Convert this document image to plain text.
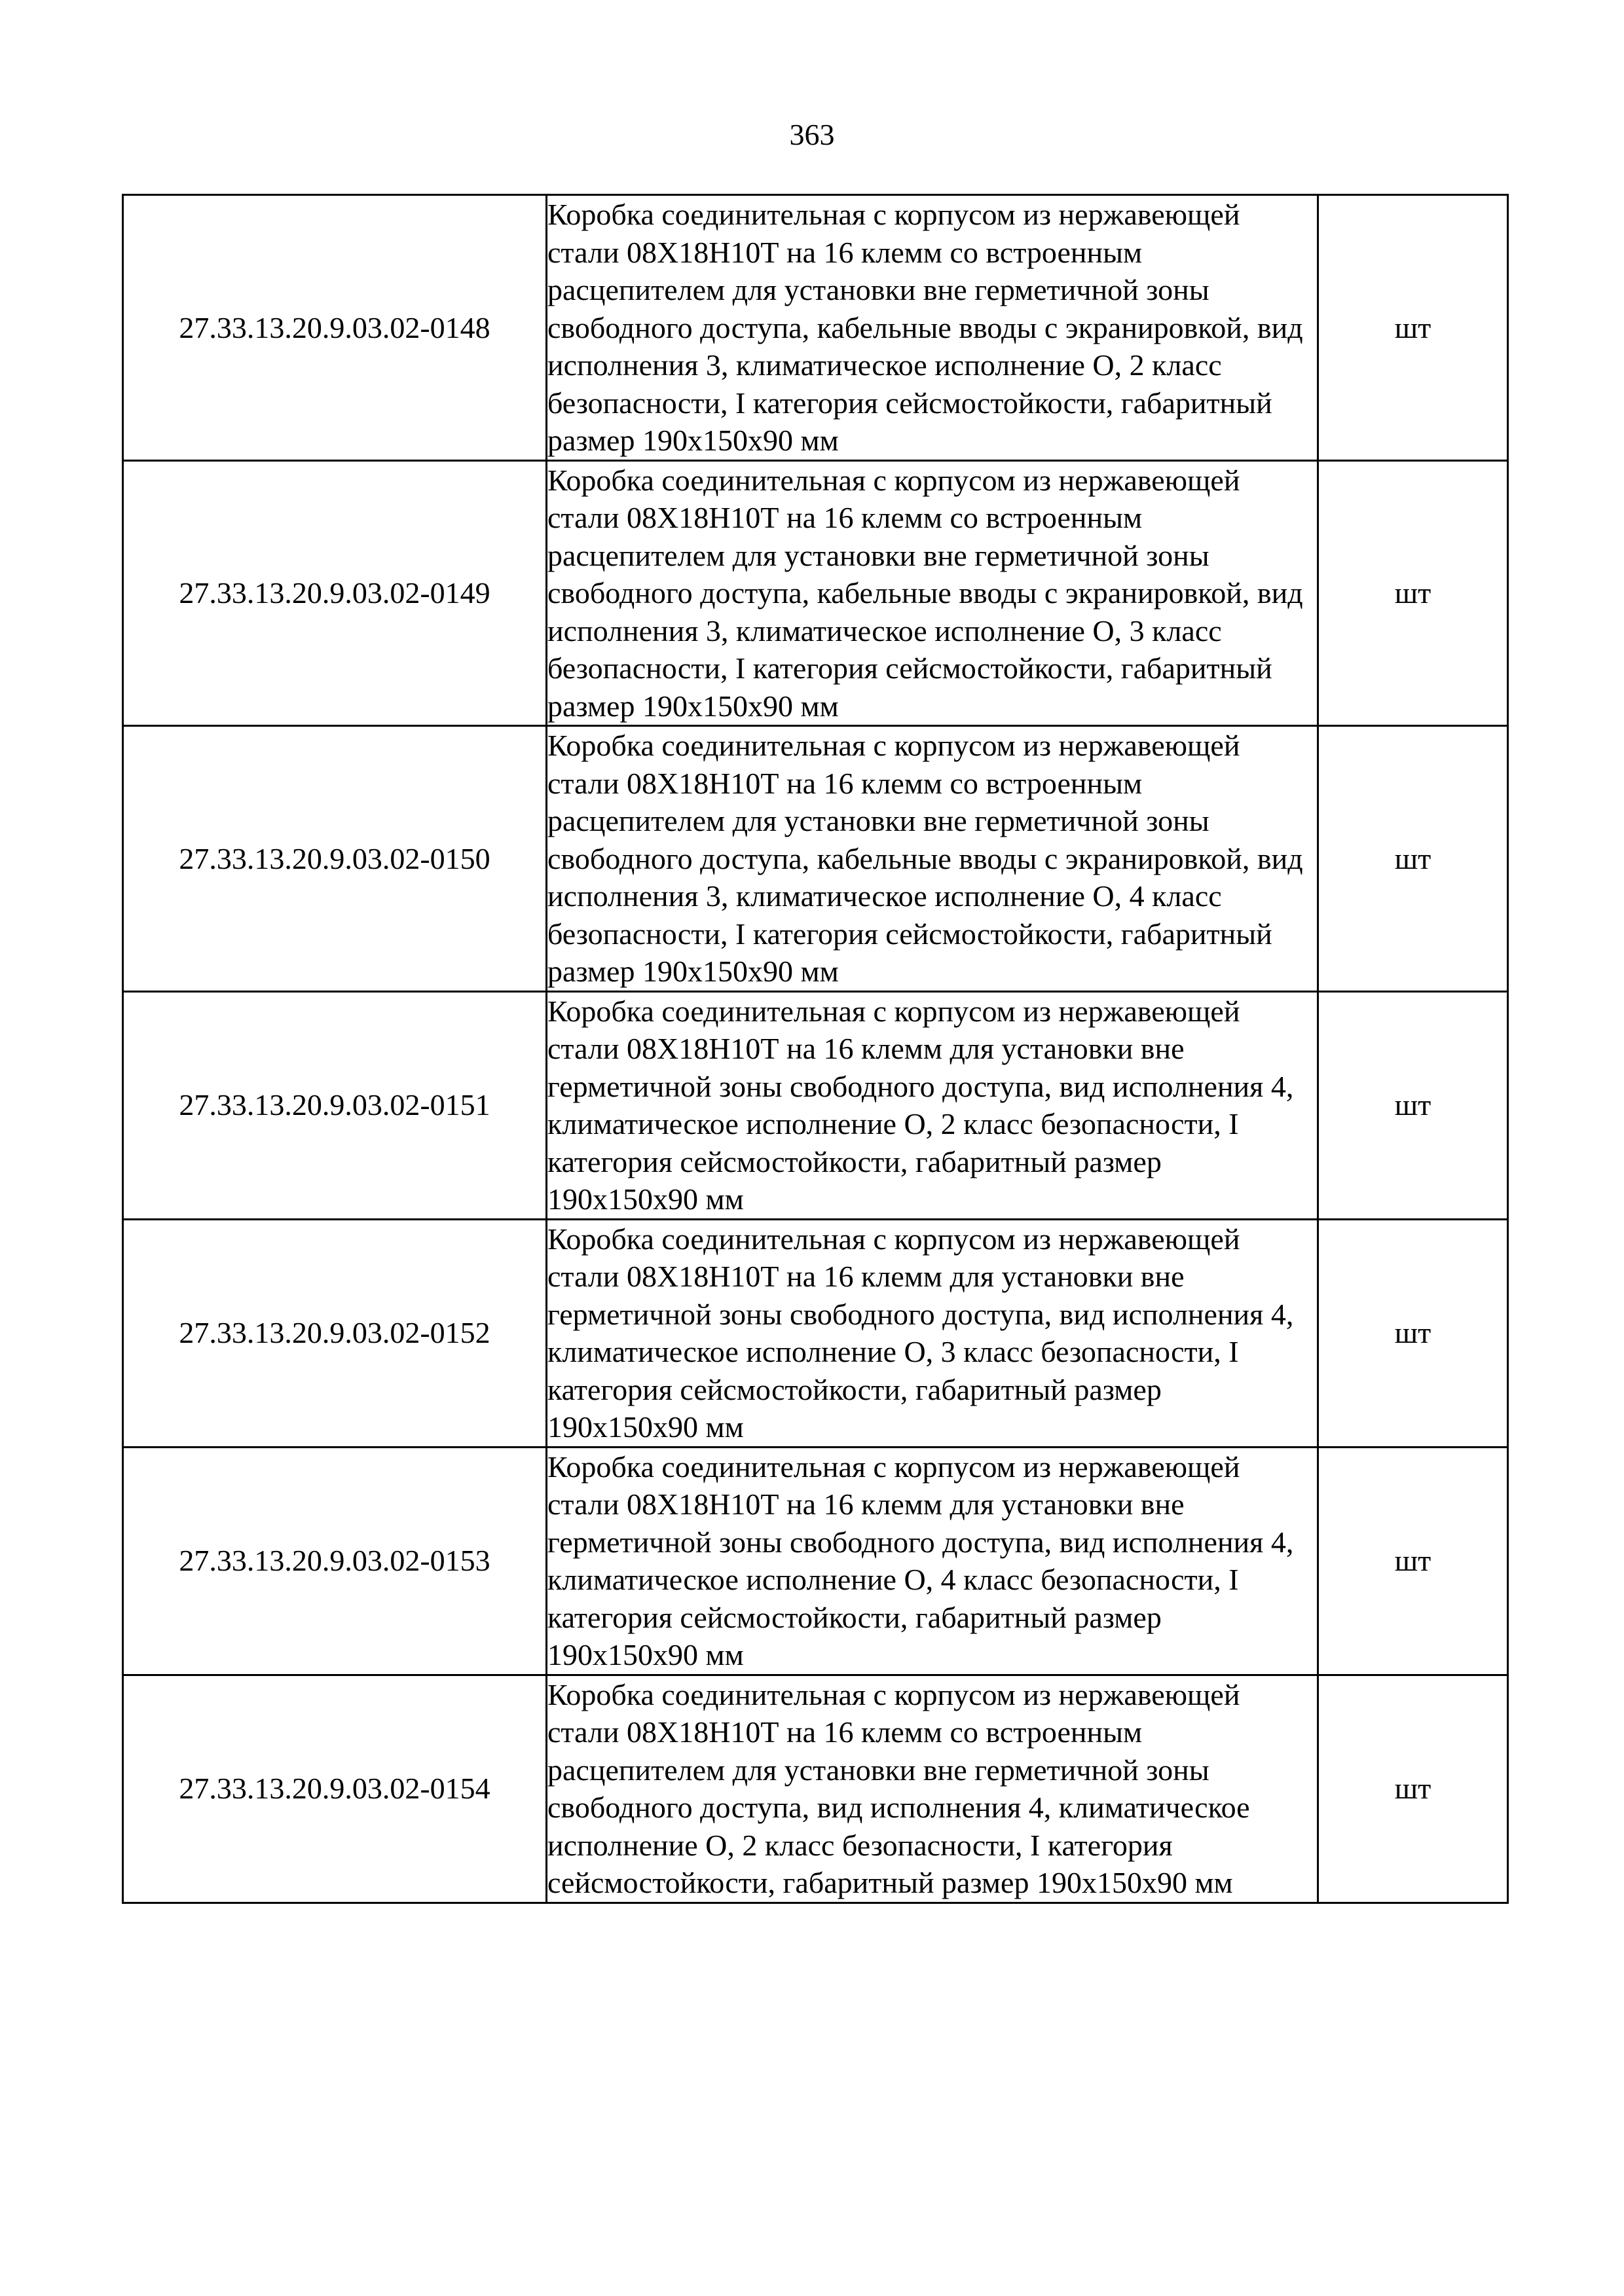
363
27.33.13.20.9.03.02-0148	Коробка соединительная с корпусом из нержавеющей стали 08Х18Н10Т на 16 клемм со встроенным расцепителем для установки вне герметичной зоны свободного доступа, кабельные вводы с экранировкой, вид исполнения 3, климатическое исполнение О, 2 класс безопасности, I категория сейсмостойкости, габаритный размер 190х150х90 мм	шт
27.33.13.20.9.03.02-0149	Коробка соединительная с корпусом из нержавеющей стали 08Х18Н10Т на 16 клемм со встроенным расцепителем для установки вне герметичной зоны свободного доступа, кабельные вводы с экранировкой, вид исполнения 3, климатическое исполнение О, 3 класс безопасности, I категория сейсмостойкости, габаритный размер 190х150х90 мм	шт
27.33.13.20.9.03.02-0150	Коробка соединительная с корпусом из нержавеющей стали 08Х18Н10Т на 16 клемм со встроенным расцепителем для установки вне герметичной зоны свободного доступа, кабельные вводы с экранировкой, вид исполнения 3, климатическое исполнение О, 4 класс безопасности, I категория сейсмостойкости, габаритный размер 190х150х90 мм	шт
27.33.13.20.9.03.02-0151	Коробка соединительная с корпусом из нержавеющей стали 08Х18Н10Т на 16 клемм для установки вне герметичной зоны свободного доступа, вид исполнения 4, климатическое исполнение О, 2 класс безопасности, I категория сейсмостойкости, габаритный размер 190х150х90 мм	шт
27.33.13.20.9.03.02-0152	Коробка соединительная с корпусом из нержавеющей стали 08Х18Н10Т на 16 клемм для установки вне герметичной зоны свободного доступа, вид исполнения 4, климатическое исполнение О, 3 класс безопасности, I категория сейсмостойкости, габаритный размер 190х150х90 мм	шт
27.33.13.20.9.03.02-0153	Коробка соединительная с корпусом из нержавеющей стали 08Х18Н10Т на 16 клемм для установки вне герметичной зоны свободного доступа, вид исполнения 4, климатическое исполнение О, 4 класс безопасности, I категория сейсмостойкости, габаритный размер 190х150х90 мм	шт
27.33.13.20.9.03.02-0154	Коробка соединительная с корпусом из нержавеющей стали 08Х18Н10Т на 16 клемм со встроенным расцепителем для установки вне герметичной зоны свободного доступа, вид исполнения 4, климатическое исполнение О, 2 класс безопасности, I категория сейсмостойкости, габаритный размер 190х150х90 мм	шт
